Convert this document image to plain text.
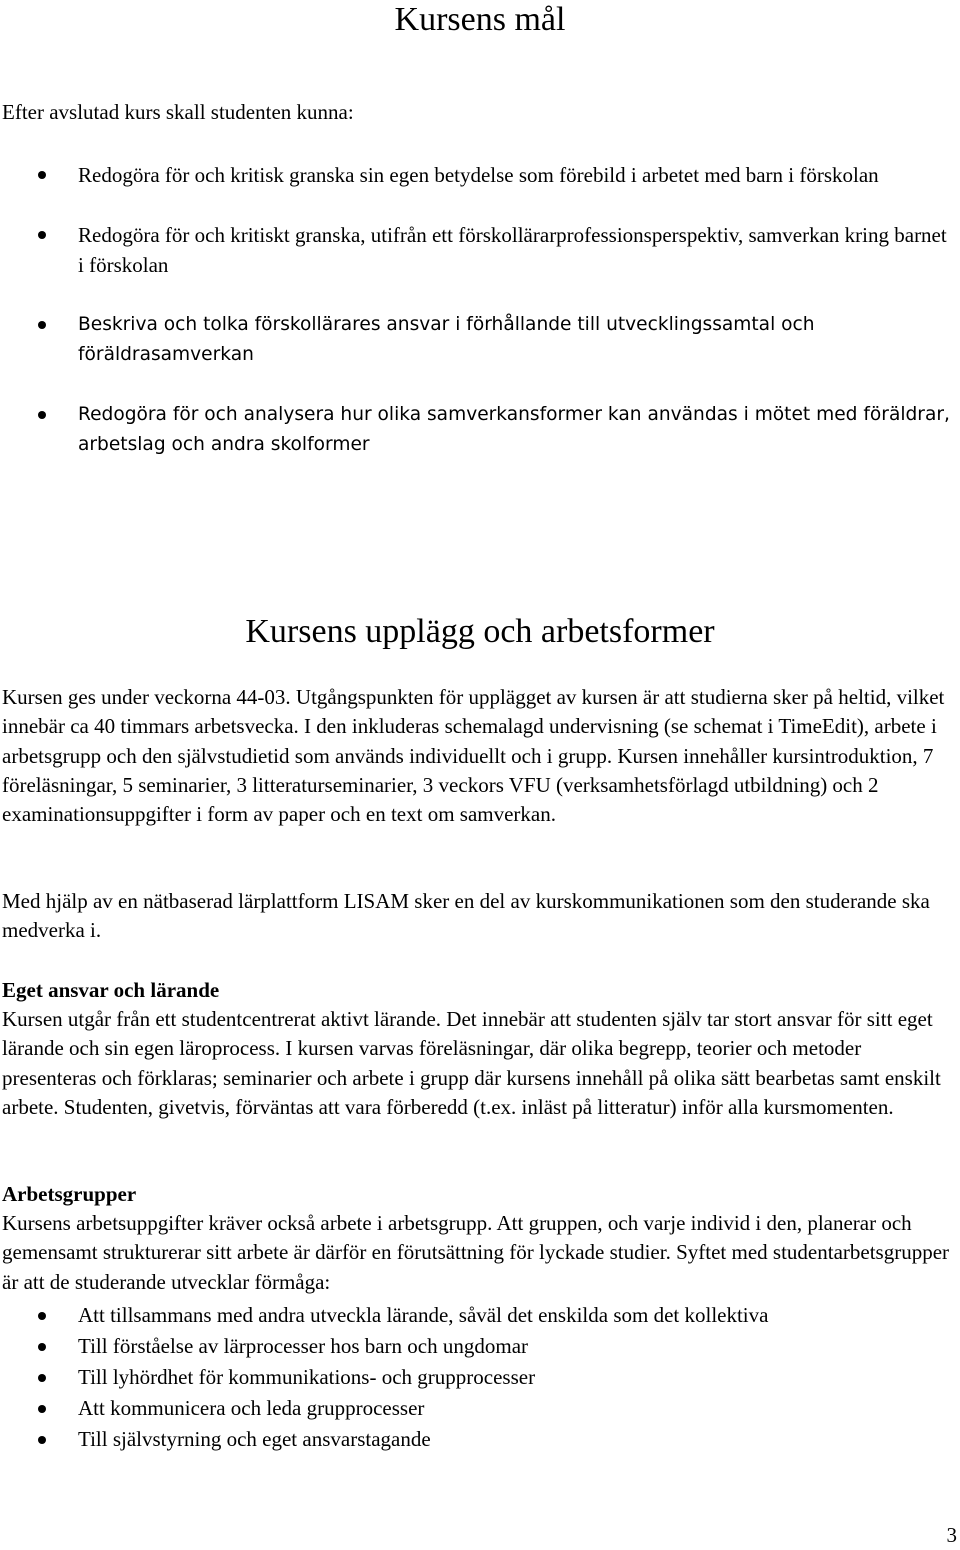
Kursens mål

Efter avslutad kurs skall studenten kunna:

Redogöra för och kritisk granska sin egen betydelse som förebild i arbetet med barn i förskolan
Redogöra för och kritiskt granska, utifrån ett förskollärarprofessionsperspektiv, samverkan kring barnet i förskolan
Beskriva och tolka förskollärares ansvar i förhållande till utvecklingssamtal och föräldrasamverkan
Redogöra för och analysera hur olika samverkansformer kan användas i mötet med föräldrar, arbetslag och andra skolformer
Kursens upplägg och arbetsformer

Kursen ges under veckorna 44-03. Utgångspunkten för upplägget av kursen är att studierna sker på heltid, vilket innebär ca 40 timmars arbetsvecka. I den inkluderas schemalagd undervisning (se schemat i TimeEdit), arbete i arbetsgrupp och den självstudietid som används individuellt och i grupp. Kursen innehåller kursintroduktion, 7 föreläsningar, 5 seminarier, 3 litteraturseminarier, 3 veckors VFU (verksamhetsförlagd utbildning) och 2 examinationsuppgifter i form av paper och en text om samverkan.

Med hjälp av en nätbaserad lärplattform LISAM sker en del av kurskommunikationen som den studerande ska medverka i.

Eget ansvar och lärande

Kursen utgår från ett studentcentrerat aktivt lärande. Det innebär att studenten själv tar stort ansvar för sitt eget lärande och sin egen läroprocess. I kursen varvas föreläsningar, där olika begrepp, teorier och metoder presenteras och förklaras; seminarier och arbete i grupp där kursens innehåll på olika sätt bearbetas samt enskilt arbete. Studenten, givetvis, förväntas att vara förberedd (t.ex. inläst på litteratur) inför alla kursmomenten.

Arbetsgrupper

Kursens arbetsuppgifter kräver också arbete i arbetsgrupp. Att gruppen, och varje individ i den, planerar och gemensamt strukturerar sitt arbete är därför en förutsättning för lyckade studier. Syftet med studentarbetsgrupper är att de studerande utvecklar förmåga:

Att tillsammans med andra utveckla lärande, såväl det enskilda som det kollektiva
Till förståelse av lärprocesser hos barn och ungdomar
Till lyhördhet för kommunikations- och grupprocesser
Att kommunicera och leda grupprocesser
Till självstyrning och eget ansvarstagande

3
